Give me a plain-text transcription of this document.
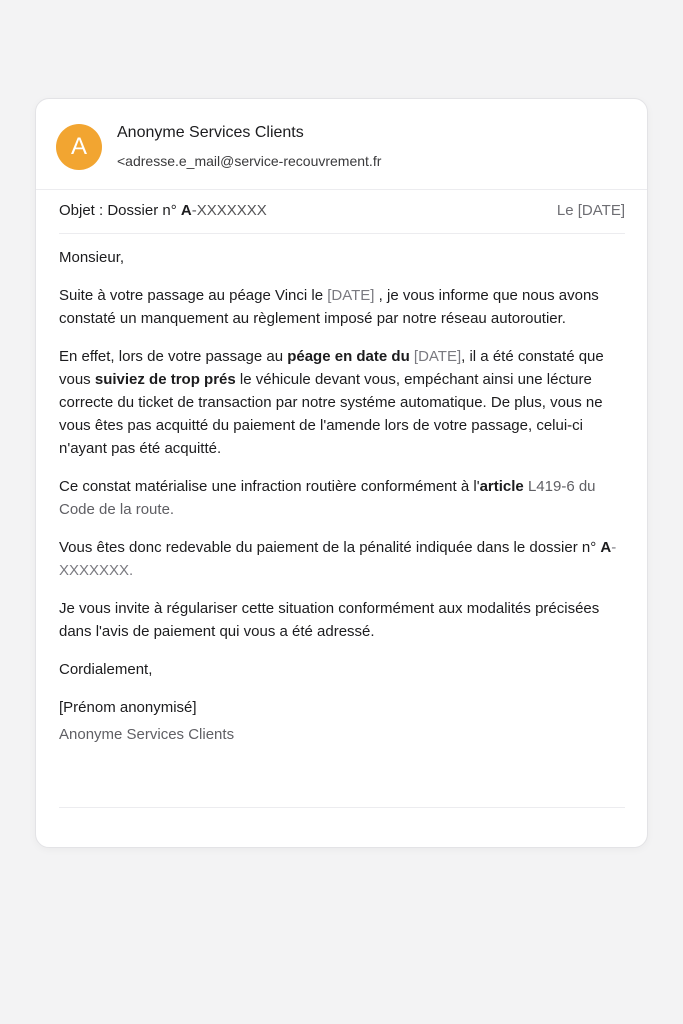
A
Anonyme Services Clients
<adresse.e_mail@service-recouvrement.fr
Objet : Dossier n° A-XXXXXXX	Le [DATE]

Monsieur,

Suite à votre passage au péage Vinci le [DATE] , je vous informe que nous avons constaté un manquement au règlement imposé par notre réseau autoroutier.

En effet, lors de votre passage au péage en date du [DATE], il a été constaté que vous suiviez de trop prés le véhicule devant vous, empéchant ainsi une lécture correcte du ticket de transaction par notre systéme automatique. De plus, vous ne vous êtes pas acquitté du paiement de l'amende lors de votre passage, celui-ci n'ayant pas été acquitté.

Ce constat matérialise une infraction routière conformément à l'article L419-6 du Code de la route.

Vous êtes donc redevable du paiement de la pénalité indiquée dans le dossier n° A-XXXXXXX.

Je vous invite à régulariser cette situation conformément aux modalités précisées dans l'avis de paiement qui vous a été adressé.

Cordialement,

[Prénom anonymisé]

Anonyme Services Clients
